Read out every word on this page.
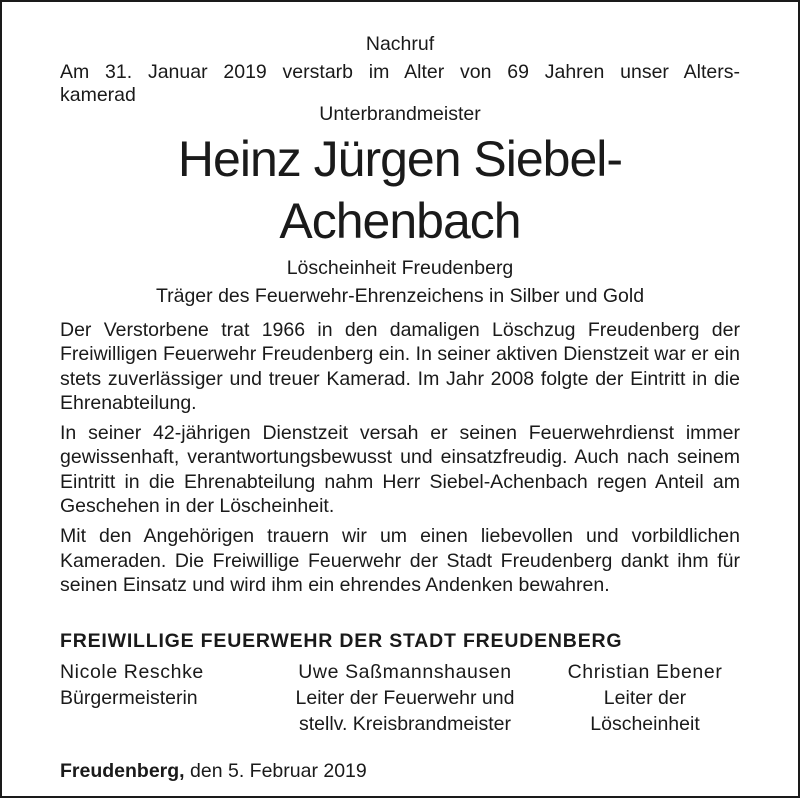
Nachruf
Am 31. Januar 2019 verstarb im Alter von 69 Jahren unser Alters-
kamerad
Unterbrandmeister
Heinz Jürgen Siebel-Achenbach
Löscheinheit Freudenberg
Träger des Feuerwehr-Ehrenzeichens in Silber und Gold

Der Verstorbene trat 1966 in den damaligen Löschzug Freudenberg der Freiwilligen Feuerwehr Freudenberg ein. In seiner aktiven Dienstzeit war er ein stets zuverlässiger und treuer Kamerad. Im Jahr 2008 folgte der Eintritt in die Ehrenabteilung.

In seiner 42-jährigen Dienstzeit versah er seinen Feuerwehrdienst immer gewissenhaft, verantwortungsbewusst und einsatzfreudig. Auch nach seinem Eintritt in die Ehrenabteilung nahm Herr Siebel-Achenbach regen Anteil am Geschehen in der Löscheinheit.

Mit den Angehörigen trauern wir um einen liebevollen und vorbildlichen Kameraden. Die Freiwillige Feuerwehr der Stadt Freudenberg dankt ihm für seinen Einsatz und wird ihm ein ehrendes Andenken bewahren.

FREIWILLIGE FEUERWEHR DER STADT FREUDENBERG
Nicole Reschke
Bürgermeisterin
Uwe Saßmannshausen
Leiter der Feuerwehr und
stellv. Kreisbrandmeister
Christian Ebener
Leiter der
Löscheinheit
Freudenberg, den 5. Februar 2019
